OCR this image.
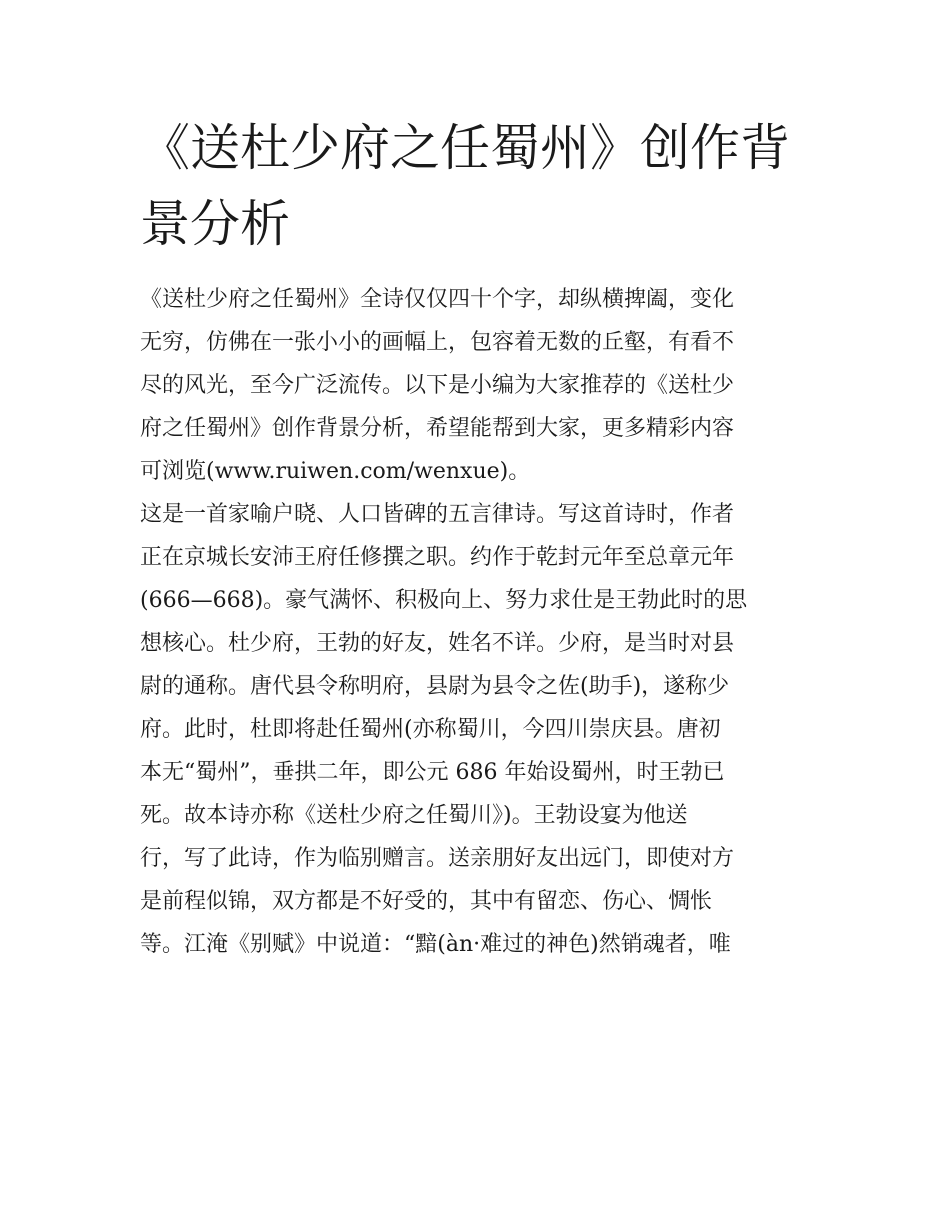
《送杜少府之任蜀州》创作背
景分析
《送杜少府之任蜀州》全诗仅仅四十个字，却纵横捭阖，变化
无穷，仿佛在一张小小的画幅上，包容着无数的丘壑，有看不
尽的风光，至今广泛流传。以下是小编为大家推荐的《送杜少
府之任蜀州》创作背景分析，希望能帮到大家，更多精彩内容
可浏览(www.ruiwen.com/wenxue)。
这是一首家喻户晓、人口皆碑的五言律诗。写这首诗时，作者
正在京城长安沛王府任修撰之职。约作于乾封元年至总章元年
(666—668)。豪气满怀、积极向上、努力求仕是王勃此时的思
想核心。杜少府，王勃的好友，姓名不详。少府，是当时对县
尉的通称。唐代县令称明府，县尉为县令之佐(助手)，遂称少
府。此时，杜即将赴任蜀州(亦称蜀川，今四川崇庆县。唐初
本无“蜀州”，垂拱二年，即公元 686 年始设蜀州，时王勃已
死。故本诗亦称《送杜少府之任蜀川》)。王勃设宴为他送
行，写了此诗，作为临别赠言。送亲朋好友出远门，即使对方
是前程似锦，双方都是不好受的，其中有留恋、伤心、惆怅
等。江淹《别赋》中说道：“黯(àn·难过的神色)然销魂者，唯
